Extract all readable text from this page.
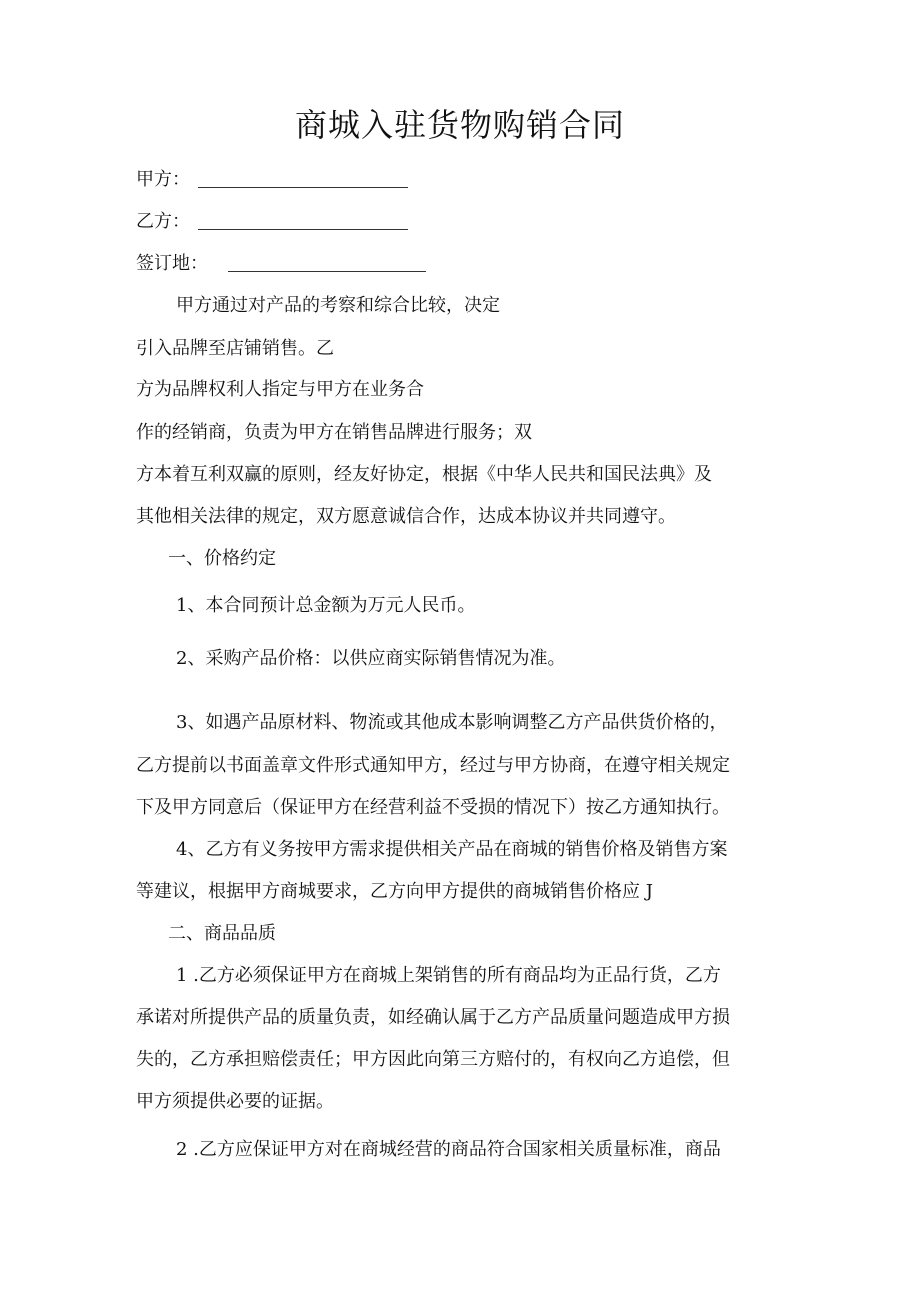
商城入驻货物购销合同

甲方：

乙方：

签订地：

甲方通过对产品的考察和综合比较，决定

引入品牌至店铺销售。乙

方为品牌权利人指定与甲方在业务合

作的经销商，负责为甲方在销售品牌进行服务；双

方本着互利双赢的原则，经友好协定，根据《中华人民共和国民法典》及

其他相关法律的规定，双方愿意诚信合作，达成本协议并共同遵守。

一、价格约定

1、本合同预计总金额为万元人民币。

2、采购产品价格：以供应商实际销售情况为准。

3、如遇产品原材料、物流或其他成本影响调整乙方产品供货价格的，

乙方提前以书面盖章文件形式通知甲方，经过与甲方协商，在遵守相关规定

下及甲方同意后（保证甲方在经营利益不受损的情况下）按乙方通知执行。

4、乙方有义务按甲方需求提供相关产品在商城的销售价格及销售方案

等建议，根据甲方商城要求，乙方向甲方提供的商城销售价格应 J

二、商品品质

1 .乙方必须保证甲方在商城上架销售的所有商品均为正品行货，乙方

承诺对所提供产品的质量负责，如经确认属于乙方产品质量问题造成甲方损

失的，乙方承担赔偿责任；甲方因此向第三方赔付的，有权向乙方追偿，但

甲方须提供必要的证据。

2 .乙方应保证甲方对在商城经营的商品符合国家相关质量标准，商品
